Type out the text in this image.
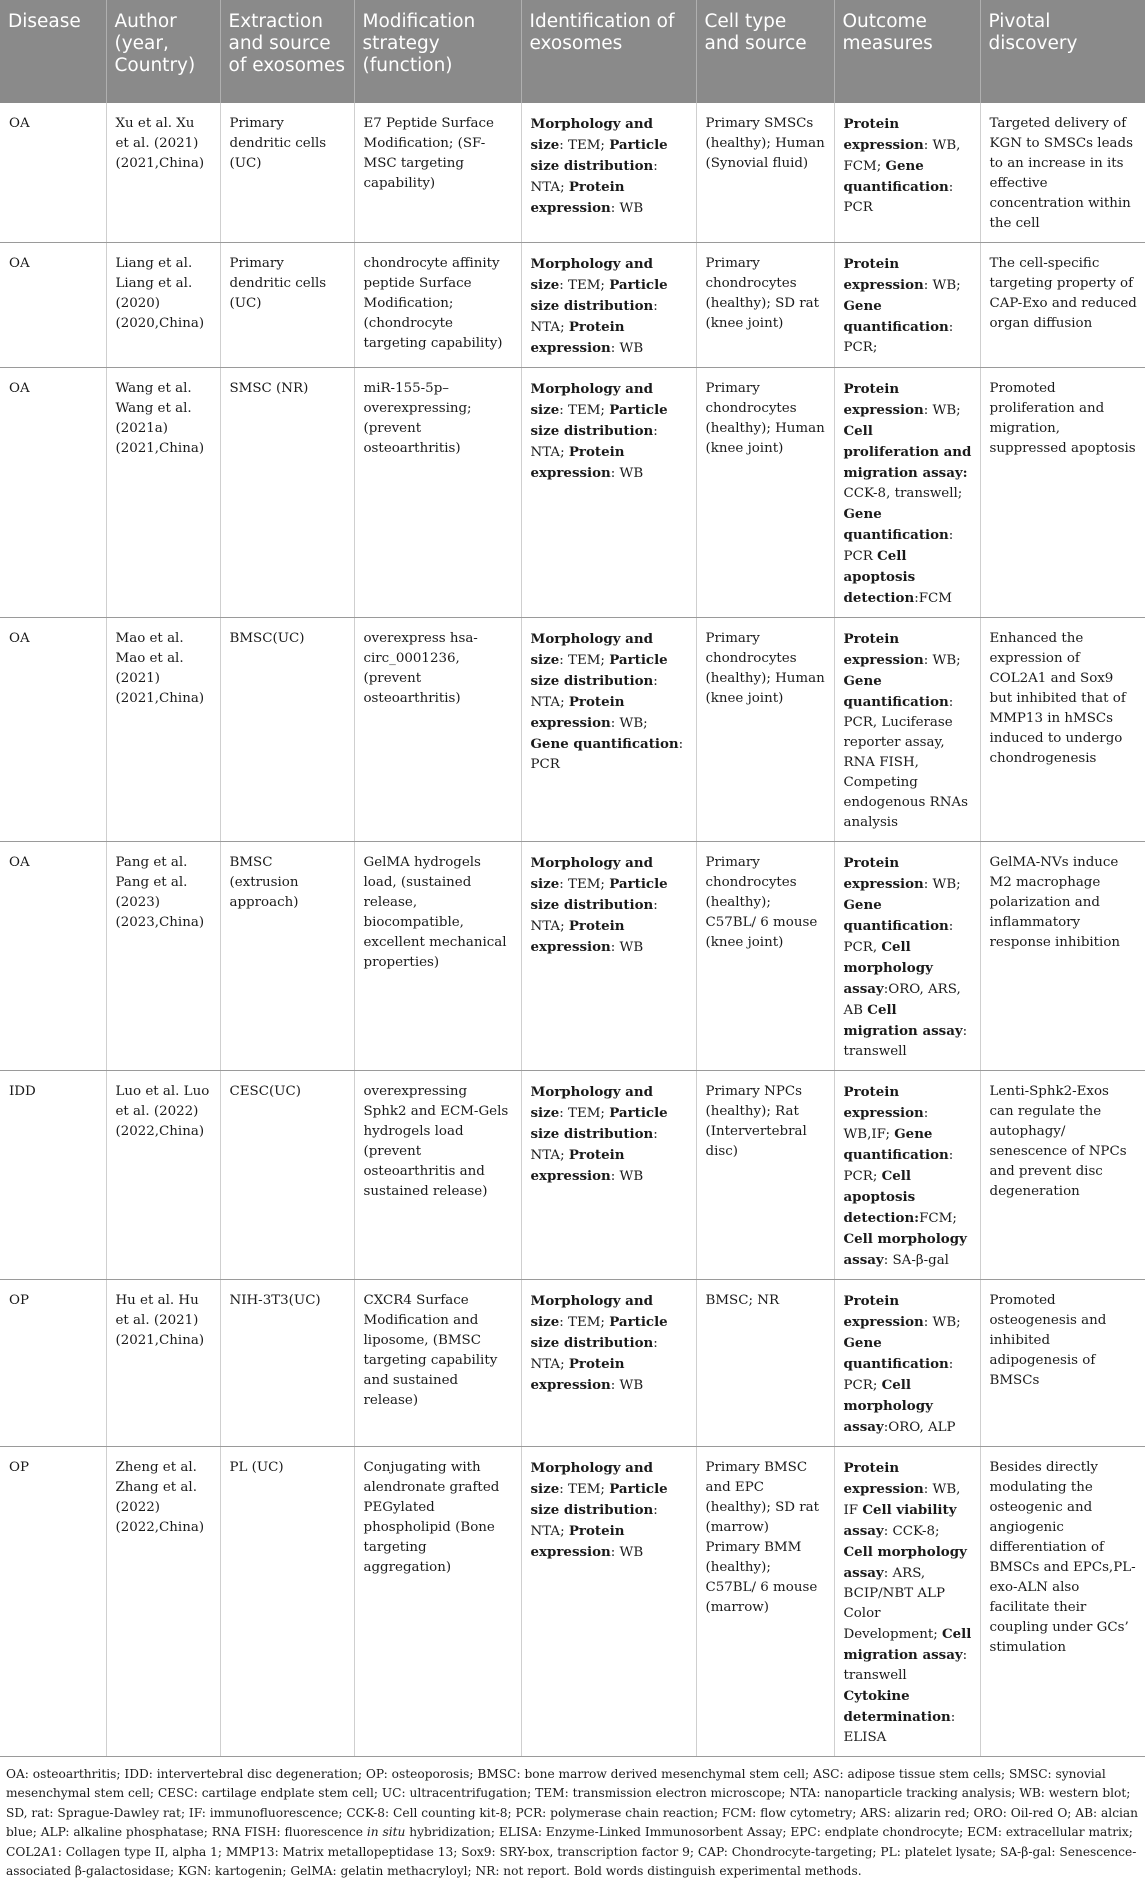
Disease	Author (year, Country)	Extraction and source of exosomes	Modification strategy (function)	Identification of exosomes	Cell type and source	Outcome measures	Pivotal discovery
OA	Xu et al. Xu et al. (2021) (2021,China)	Primary dendritic cells (UC)	E7 Peptide Surface Modification; (SF-MSC targeting capability)	Morphology and size: TEM; Particle size distribution: NTA; Protein expression: WB	Primary SMSCs (healthy); Human (Synovial fluid)	Protein expression: WB, FCM; Gene quantification: PCR	Targeted delivery of KGN to SMSCs leads to an increase in its effective concentration within the cell
OA	Liang et al. Liang et al. (2020) (2020,China)	Primary dendritic cells (UC)	chondrocyte affinity peptide Surface Modification; (chondrocyte targeting capability)	Morphology and size: TEM; Particle size distribution: NTA; Protein expression: WB	Primary chondrocytes (healthy); SD rat (knee joint)	Protein expression: WB; Gene quantification: PCR;	The cell-specific targeting property of CAP-Exo and reduced organ diffusion
OA	Wang et al. Wang et al. (2021a) (2021,China)	SMSC (NR)	miR-155-5p–overexpressing; (prevent osteoarthritis)	Morphology and size: TEM; Particle size distribution: NTA; Protein expression: WB	Primary chondrocytes (healthy); Human (knee joint)	Protein expression: WB; Cell proliferation and migration assay: CCK-8, transwell; Gene quantification: PCR Cell apoptosis detection:FCM	Promoted proliferation and migration, suppressed apoptosis
OA	Mao et al. Mao et al. (2021) (2021,China)	BMSC(UC)	overexpress hsa-circ_0001236, (prevent osteoarthritis)	Morphology and size: TEM; Particle size distribution: NTA; Protein expression: WB; Gene quantification: PCR	Primary chondrocytes (healthy); Human (knee joint)	Protein expression: WB; Gene quantification: PCR, Luciferase reporter assay, RNA FISH, Competing endogenous RNAs analysis	Enhanced the expression of COL2A1 and Sox9 but inhibited that of MMP13 in hMSCs induced to undergo chondrogenesis
OA	Pang et al. Pang et al. (2023) (2023,China)	BMSC (extrusion approach)	GelMA hydrogels load, (sustained release, biocompatible, excellent mechanical properties)	Morphology and size: TEM; Particle size distribution: NTA; Protein expression: WB	Primary chondrocytes (healthy); C57BL/ 6 mouse (knee joint)	Protein expression: WB; Gene quantification: PCR, Cell morphology assay:ORO, ARS, AB Cell migration assay: transwell	GelMA-NVs induce M2 macrophage polarization and inflammatory response inhibition
IDD	Luo et al. Luo et al. (2022) (2022,China)	CESC(UC)	overexpressing Sphk2 and ECM-Gels hydrogels load (prevent osteoarthritis and sustained release)	Morphology and size: TEM; Particle size distribution: NTA; Protein expression: WB	Primary NPCs (healthy); Rat (Intervertebral disc)	Protein expression: WB,IF; Gene quantification: PCR; Cell apoptosis detection:FCM; Cell morphology assay: SA-β-gal	Lenti-Sphk2-Exos can regulate the autophagy/ senescence of NPCs and prevent disc degeneration
OP	Hu et al. Hu et al. (2021) (2021,China)	NIH-3T3(UC)	CXCR4 Surface Modification and liposome, (BMSC targeting capability and sustained release)	Morphology and size: TEM; Particle size distribution: NTA; Protein expression: WB	BMSC; NR	Protein expression: WB; Gene quantification: PCR; Cell morphology assay:ORO, ALP	Promoted osteogenesis and inhibited adipogenesis of BMSCs
OP	Zheng et al. Zhang et al. (2022) (2022,China)	PL (UC)	Conjugating with alendronate grafted PEGylated phospholipid (Bone targeting aggregation)	Morphology and size: TEM; Particle size distribution: NTA; Protein expression: WB	Primary BMSC and EPC (healthy); SD rat (marrow) Primary BMM (healthy); C57BL/ 6 mouse (marrow)	Protein expression: WB, IF Cell viability assay: CCK-8; Cell morphology assay: ARS, BCIP/NBT ALP Color Development; Cell migration assay: transwell Cytokine determination: ELISA	Besides directly modulating the osteogenic and angiogenic differentiation of BMSCs and EPCs,PL-exo-ALN also facilitate their coupling under GCs’ stimulation
OA: osteoarthritis; IDD: intervertebral disc degeneration; OP: osteoporosis; BMSC: bone marrow derived mesenchymal stem cell; ASC: adipose tissue stem cells; SMSC: synovial mesenchymal stem cell; CESC: cartilage endplate stem cell; UC: ultracentrifugation; TEM: transmission electron microscope; NTA: nanoparticle tracking analysis; WB: western blot; SD, rat: Sprague-Dawley rat; IF: immunofluorescence; CCK-8: Cell counting kit-8; PCR: polymerase chain reaction; FCM: flow cytometry; ARS: alizarin red; ORO: Oil-red O; AB: alcian blue; ALP: alkaline phosphatase; RNA FISH: fluorescence in situ hybridization; ELISA: Enzyme-Linked Immunosorbent Assay; EPC: endplate chondrocyte; ECM: extracellular matrix; COL2A1: Collagen type II, alpha 1; MMP13: Matrix metallopeptidase 13; Sox9: SRY-box, transcription factor 9; CAP: Chondrocyte-targeting; PL: platelet lysate; SA-β-gal: Senescence-associated β-galactosidase; KGN: kartogenin; GelMA: gelatin methacryloyl; NR: not report. Bold words distinguish experimental methods.
